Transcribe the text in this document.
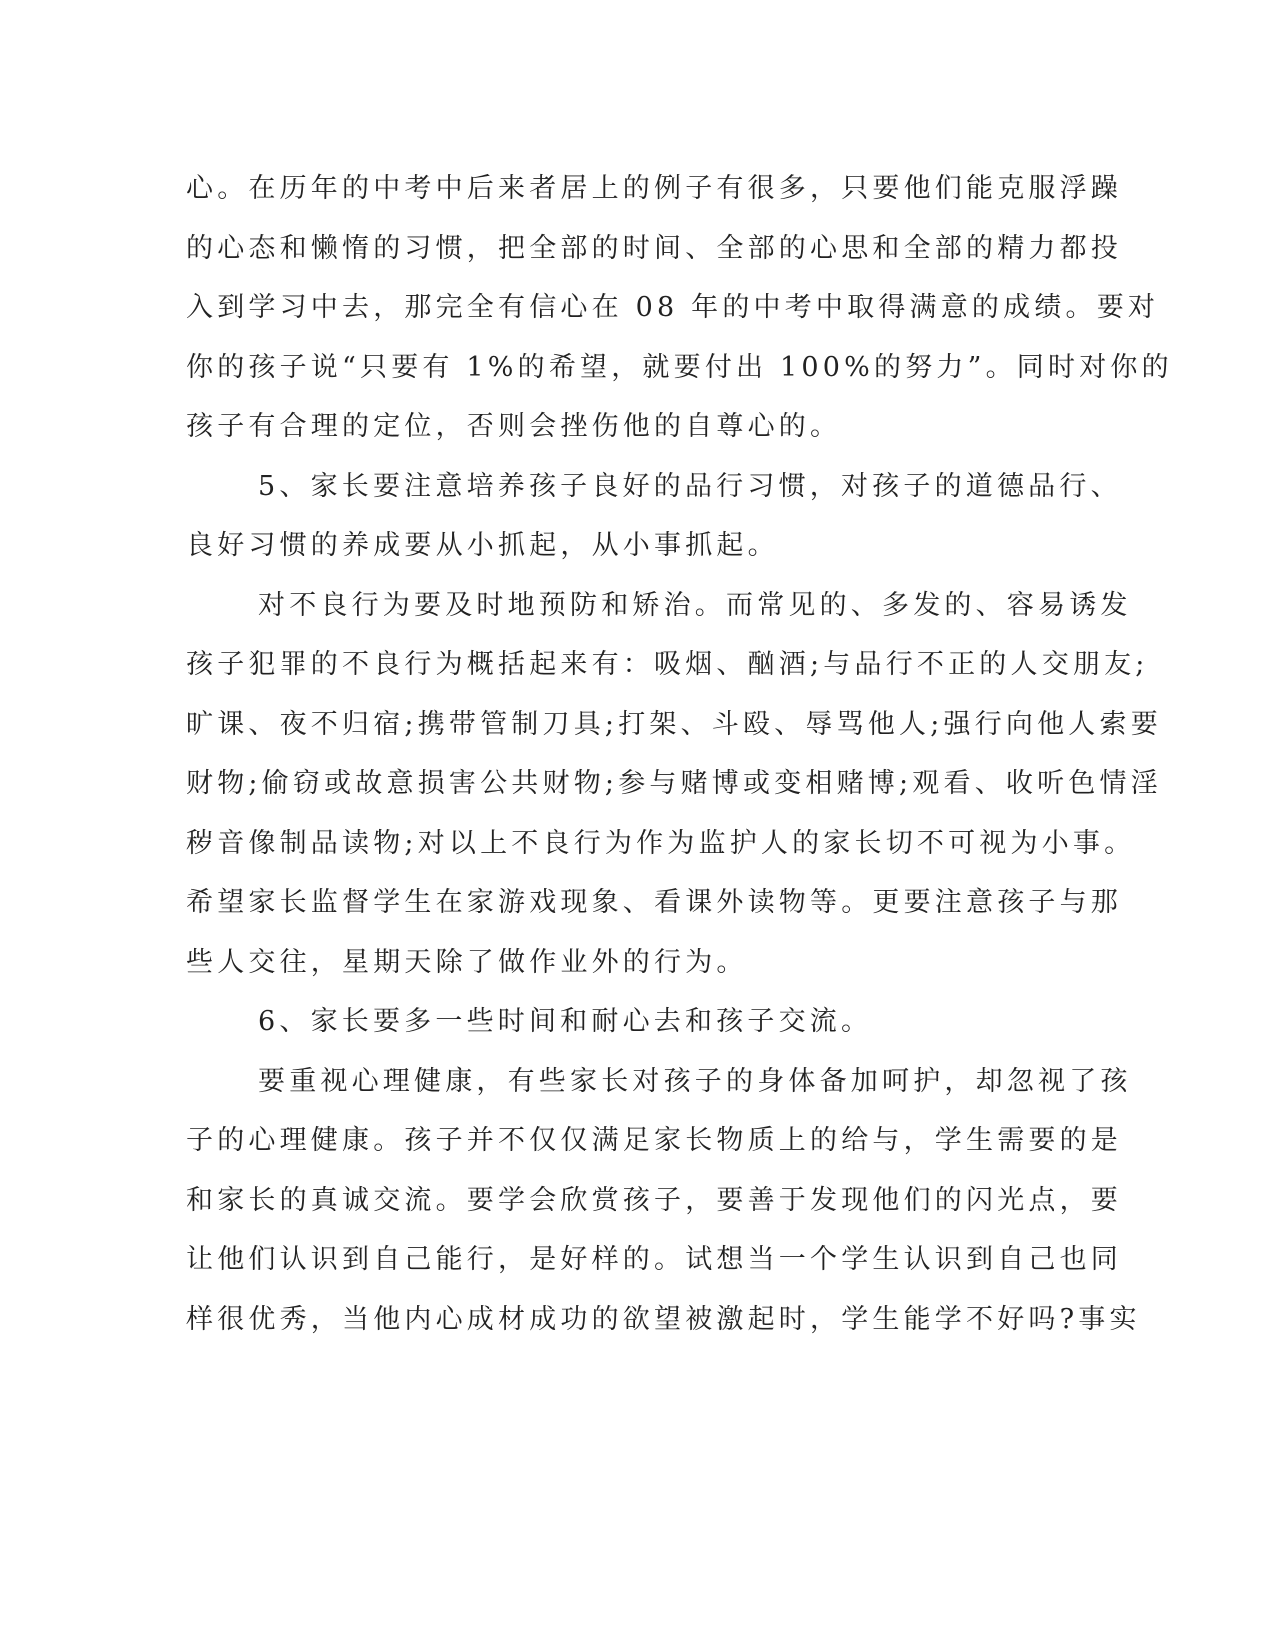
心。在历年的中考中后来者居上的例子有很多，只要他们能克服浮躁
的心态和懒惰的习惯，把全部的时间、全部的心思和全部的精力都投
入到学习中去，那完全有信心在 08 年的中考中取得满意的成绩。要对
你的孩子说“只要有 1%的希望，就要付出 100%的努力”。同时对你的
孩子有合理的定位，否则会挫伤他的自尊心的。
5、家长要注意培养孩子良好的品行习惯，对孩子的道德品行、
良好习惯的养成要从小抓起，从小事抓起。
对不良行为要及时地预防和矫治。而常见的、多发的、容易诱发
孩子犯罪的不良行为概括起来有：吸烟、酗酒;与品行不正的人交朋友;
旷课、夜不归宿;携带管制刀具;打架、斗殴、辱骂他人;强行向他人索要
财物;偷窃或故意损害公共财物;参与赌博或变相赌博;观看、收听色情淫
秽音像制品读物;对以上不良行为作为监护人的家长切不可视为小事。
希望家长监督学生在家游戏现象、看课外读物等。更要注意孩子与那
些人交往，星期天除了做作业外的行为。
6、家长要多一些时间和耐心去和孩子交流。
要重视心理健康，有些家长对孩子的身体备加呵护，却忽视了孩
子的心理健康。孩子并不仅仅满足家长物质上的给与，学生需要的是
和家长的真诚交流。要学会欣赏孩子，要善于发现他们的闪光点，要
让他们认识到自己能行，是好样的。试想当一个学生认识到自己也同
样很优秀，当他内心成材成功的欲望被激起时，学生能学不好吗?事实
